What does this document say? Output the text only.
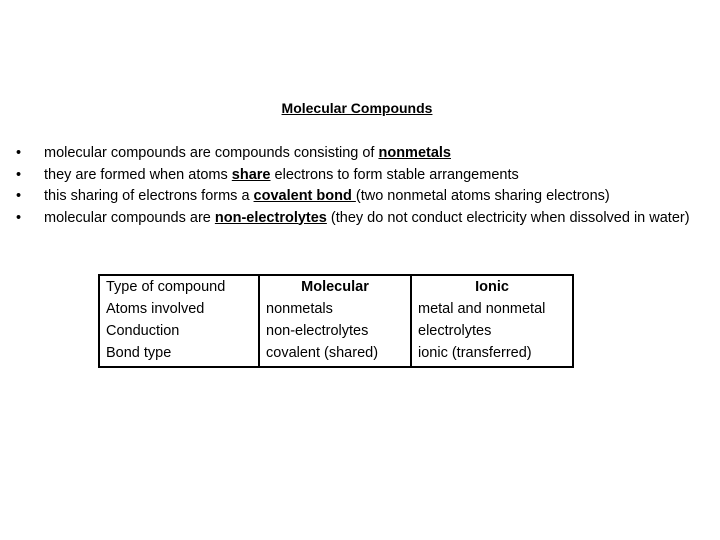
Molecular Compounds
• molecular compounds are compounds consisting of nonmetals
• they are formed when atoms share electrons to form stable arrangements
• this sharing of electrons forms a covalent bond (two nonmetal atoms sharing electrons)
• molecular compounds are non-electrolytes (they do not conduct electricity when dissolved in water)
Type of compound	Molecular	Ionic
Atoms involved	nonmetals	metal and nonmetal
Conduction	non-electrolytes	electrolytes
Bond type	covalent (shared)	ionic (transferred)
